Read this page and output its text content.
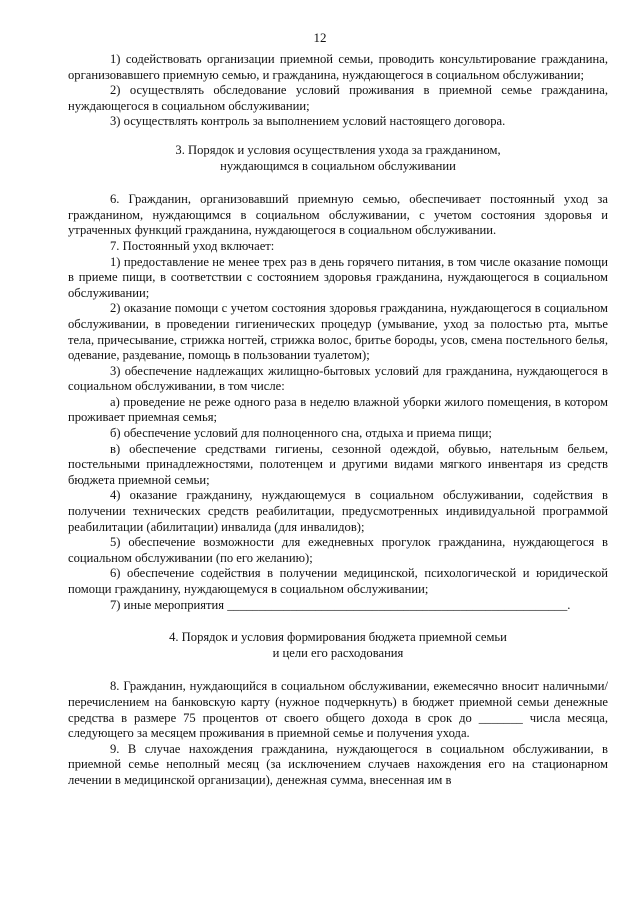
12

1) содействовать организации приемной семьи, проводить консультирование гражданина, организовавшего приемную семью, и гражданина, нуждающегося в социальном обслуживании;

2) осуществлять обследование условий проживания в приемной семье гражданина, нуждающегося в социальном обслуживании;

3) осуществлять контроль за выполнением условий настоящего договора.

3. Порядок и условия осуществления ухода за гражданином,
нуждающимся в социальном обслуживании

6. Гражданин, организовавший приемную семью, обеспечивает постоянный уход за гражданином, нуждающимся в социальном обслуживании, с учетом состояния здоровья и утраченных функций гражданина, нуждающегося в социальном обслуживании.

7. Постоянный уход включает:

1) предоставление не менее трех раз в день горячего питания, в том числе оказание помощи в приеме пищи, в соответствии с состоянием здоровья гражданина, нуждающегося в социальном обслуживании;

2) оказание помощи с учетом состояния здоровья гражданина, нуждающегося в социальном обслуживании, в проведении гигиенических процедур (умывание, уход за полостью рта, мытье тела, причесывание, стрижка ногтей, стрижка волос, бритье бороды, усов, смена постельного белья, одевание, раздевание, помощь в пользовании туалетом);

3) обеспечение надлежащих жилищно-бытовых условий для гражданина, нуждающегося в социальном обслуживании, в том числе:

а) проведение не реже одного раза в неделю влажной уборки жилого помещения, в котором проживает приемная семья;

б) обеспечение условий для полноценного сна, отдыха и приема пищи;

в) обеспечение средствами гигиены, сезонной одеждой, обувью, нательным бельем, постельными принадлежностями, полотенцем и другими видами мягкого инвентаря из средств бюджета приемной семьи;

4) оказание гражданину, нуждающемуся в социальном обслуживании, содействия в получении технических средств реабилитации, предусмотренных индивидуальной программой реабилитации (абилитации) инвалида (для инвалидов);

5) обеспечение возможности для ежедневных прогулок гражданина, нуждающегося в социальном обслуживании (по его желанию);

6) обеспечение содействия в получении медицинской, психологической и юридической помощи гражданину, нуждающемуся в социальном обслуживании;

7) иные мероприятия ______________________________________________________.

4. Порядок и условия формирования бюджета приемной семьи
и цели его расходования

8. Гражданин, нуждающийся в социальном обслуживании, ежемесячно вносит наличными/перечислением на банковскую карту (нужное подчеркнуть) в бюджет приемной семьи денежные средства в размере 75 процентов от своего общего дохода в срок до _______ числа месяца, следующего за месяцем проживания в приемной семье и получения ухода.

9. В случае нахождения гражданина, нуждающегося в социальном обслуживании, в приемной семье неполный месяц (за исключением случаев нахождения его на стационарном лечении в медицинской организации), денежная сумма, внесенная им в
